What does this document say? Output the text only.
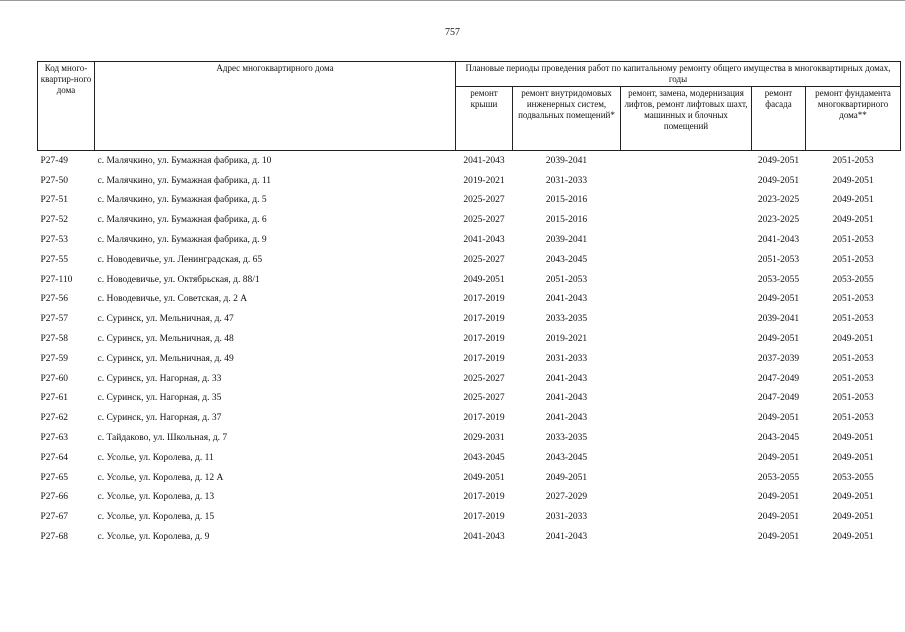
757
Код много-квартир-ного дома	Адрес многоквартирного дома	Плановые периоды проведения работ по капитальному ремонту общего имущества в многоквартирных домах, годы				
		ремонт крыши	ремонт внутридомовых инженерных систем, подвальных помещений*	ремонт, замена, модернизация лифтов, ремонт лифтовых шахт, машинных и блочных помещений	ремонт фасада	ремонт фундамента многоквартирного дома**
P27-49	с. Малячкино, ул. Бумажная фабрика, д. 10	2041-2043	2039-2041		2049-2051	2051-2053
P27-50	с. Малячкино, ул. Бумажная фабрика, д. 11	2019-2021	2031-2033		2049-2051	2049-2051
P27-51	с. Малячкино, ул. Бумажная фабрика, д. 5	2025-2027	2015-2016		2023-2025	2049-2051
P27-52	с. Малячкино, ул. Бумажная фабрика, д. 6	2025-2027	2015-2016		2023-2025	2049-2051
P27-53	с. Малячкино, ул. Бумажная фабрика, д. 9	2041-2043	2039-2041		2041-2043	2051-2053
P27-55	с. Новодевичье, ул. Ленинградская, д. 65	2025-2027	2043-2045		2051-2053	2051-2053
P27-110	с. Новодевичье, ул. Октябрьская, д. 88/1	2049-2051	2051-2053		2053-2055	2053-2055
P27-56	с. Новодевичье, ул. Советская, д. 2 А	2017-2019	2041-2043		2049-2051	2051-2053
P27-57	с. Суринск, ул. Мельничная, д. 47	2017-2019	2033-2035		2039-2041	2051-2053
P27-58	с. Суринск, ул. Мельничная, д. 48	2017-2019	2019-2021		2049-2051	2049-2051
P27-59	с. Суринск, ул. Мельничная, д. 49	2017-2019	2031-2033		2037-2039	2051-2053
P27-60	с. Суринск, ул. Нагорная, д. 33	2025-2027	2041-2043		2047-2049	2051-2053
P27-61	с. Суринск, ул. Нагорная, д. 35	2025-2027	2041-2043		2047-2049	2051-2053
P27-62	с. Суринск, ул. Нагорная, д. 37	2017-2019	2041-2043		2049-2051	2051-2053
P27-63	с. Тайдаково, ул. Школьная, д. 7	2029-2031	2033-2035		2043-2045	2049-2051
P27-64	с. Усолье, ул. Королева, д. 11	2043-2045	2043-2045		2049-2051	2049-2051
P27-65	с. Усолье, ул. Королева, д. 12 А	2049-2051	2049-2051		2053-2055	2053-2055
P27-66	с. Усолье, ул. Королева, д. 13	2017-2019	2027-2029		2049-2051	2049-2051
P27-67	с. Усолье, ул. Королева, д. 15	2017-2019	2031-2033		2049-2051	2049-2051
P27-68	с. Усолье, ул. Королева, д. 9	2041-2043	2041-2043		2049-2051	2049-2051
